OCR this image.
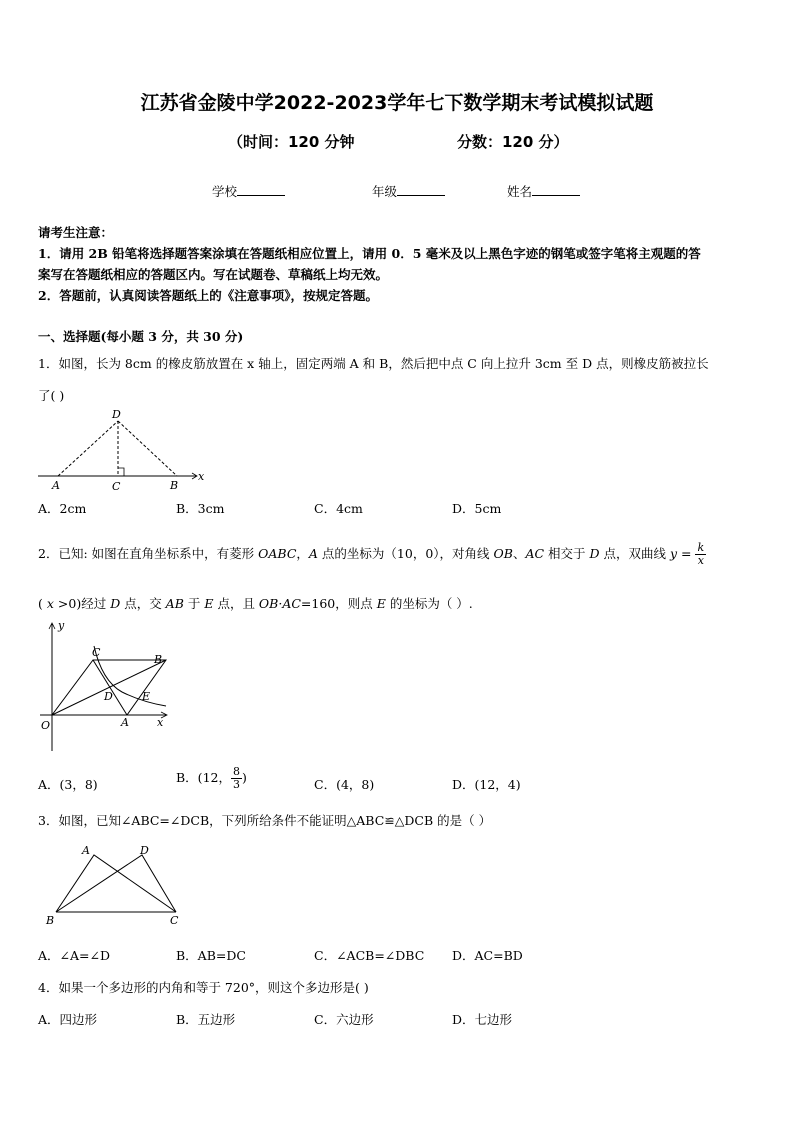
江苏省金陵中学2022-2023学年七下数学期末考试模拟试题
（时间：120 分钟	分数：120 分）
学校	年级	姓名
请考生注意：
1．请用 2B 铅笔将选择题答案涂填在答题纸相应位置上，请用 0．5 毫米及以上黑色字迹的钢笔或签字笔将主观题的答
案写在答题纸相应的答题区内。写在试题卷、草稿纸上均无效。
2．答题前，认真阅读答题纸上的《注意事项》，按规定答题。
一、选择题(每小题 3 分，共 30 分)
1．如图，长为 8cm 的橡皮筋放置在 x 轴上，固定两端 A 和 B，然后把中点 C 向上拉升 3cm 至 D 点，则橡皮筋被拉长
了( )
D
A	C	B
x
A．2cm	B．3cm	C．4cm	D．5cm
2．已知: 如图在直角坐标系中，有菱形 OABC，A 点的坐标为（10，0），对角线 OB、AC 相交于 D 点，双曲线 $y = \frac{k}{x}$
( x >0)经过 D 点，交 AB 于 E 点，且 OB·AC=160，则点 E 的坐标为（ ）.
B
C
y
x
O
D	E
A
A．(3，8)	B．(12， $\frac{8}{3}$ )	C．(4，8)	D．(12，4)
3．如图，已知∠ABC=∠DCB，下列所给条件不能证明△ABC≌△DCB 的是（ ）
A	D
B	C
A．∠A=∠D	B．AB=DC	C．∠ACB=∠DBC D．AC=BD
4．如果一个多边形的内角和等于 720°，则这个多边形是( )
A．四边形	B．五边形	C．六边形	D．七边形
